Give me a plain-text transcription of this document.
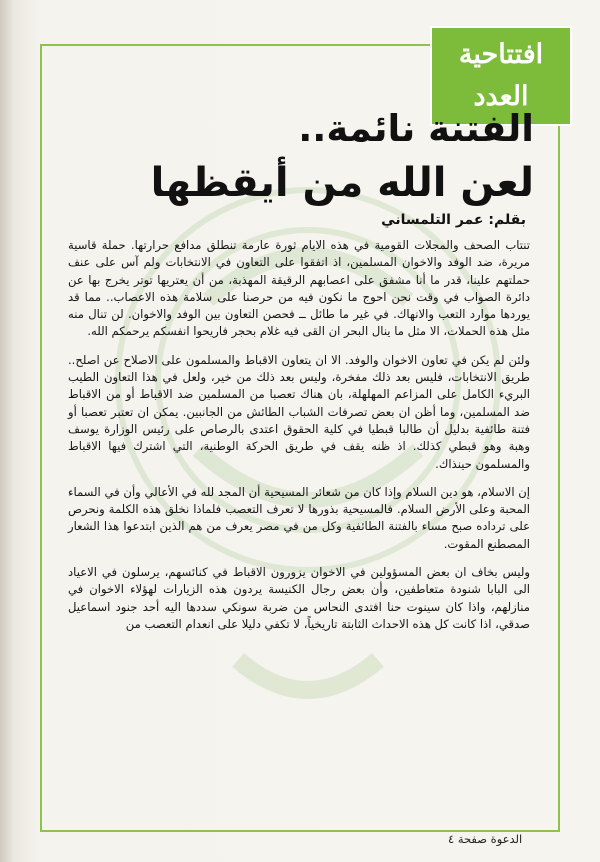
افتتاحية
العدد
الفتنة نائمة..
لعن الله من أيقظها
بقلم: عمر التلمساني

تنتاب الصحف والمجلات القومية في هذه الايام ثورة عارمة تنطلق مدافع حرارتها. حملة قاسية مريرة، ضد الوفد والاخوان المسلمين، اذ اتفقوا على التعاون في الانتخابات ولم آس على عنف حملتهم علينا، قدر ما أنا مشفق على اعصابهم الرقيقة المهذبة، من أن يعتريها توتر يخرج بها عن دائرة الصواب في وقت نحن احوج ما نكون فيه من حرصنا على سلامة هذه الاعصاب.. مما قد يوردها موارد التعب والانهاك. في غير ما طائل ــ فحصن التعاون بين الوفد والاخوان. لن تنال منه مثل هذه الحملات، الا مثل ما ينال البحر ان القى فيه غلام بحجر فاريحوا انفسكم يرحمكم الله.

ولئن لم يكن في تعاون الاخوان والوفد. الا ان يتعاون الاقباط والمسلمون على الاصلاح عن اصلح.. طريق الانتخابات، فليس بعد ذلك مفخرة، وليس بعد ذلك من خير، ولعل في هذا التعاون الطيب البريء الكامل على المزاعم المهلهلة، بان هناك تعصبا من المسلمين ضد الاقباط أو من الاقباط ضد المسلمين، وما أظن ان بعض تصرفات الشباب الطائش من الجانبين. يمكن ان تعتبر تعصبا أو فتنة طائفية بدليل أن طالبا قبطيا في كلية الحقوق اعتدى بالرصاص على رئيس الوزارة يوسف وهبة وهو قبطي كذلك. اذ ظنه يقف في طريق الحركة الوطنية، التي اشترك فيها الاقباط والمسلمون حينذاك.

إن الاسلام، هو دين السلام وإذا كان من شعائر المسيحية أن المجد لله في الأعالي وأن في السماء المحبة وعلى الأرض السلام. فالمسيحية بذورها لا تعرف التعصب فلماذا نخلق هذه الكلمة ونحرص على ترداده صبح مساء بالفتنة الطائفية وكل من في مصر يعرف من هم الذين ابتدعوا هذا الشعار المصطنع المقوت.

وليس بخاف ان بعض المسؤولين في الاخوان يزورون الاقباط في كنائسهم، يرسلون في الاعياد الى البابا شنودة متعاطفين، وأن بعض رجال الكنيسة يردون هذه الزيارات لهؤلاء الاخوان في منازلهم، واذا كان سينوت حنا افتدى النحاس من ضربة سونكي سددها اليه أحد جنود اسماعيل صدقي، اذا كانت كل هذه الاحداث الثابتة تاريخياً، لا تكفي دليلا على انعدام التعصب من

الدعوة صفحة ٤
